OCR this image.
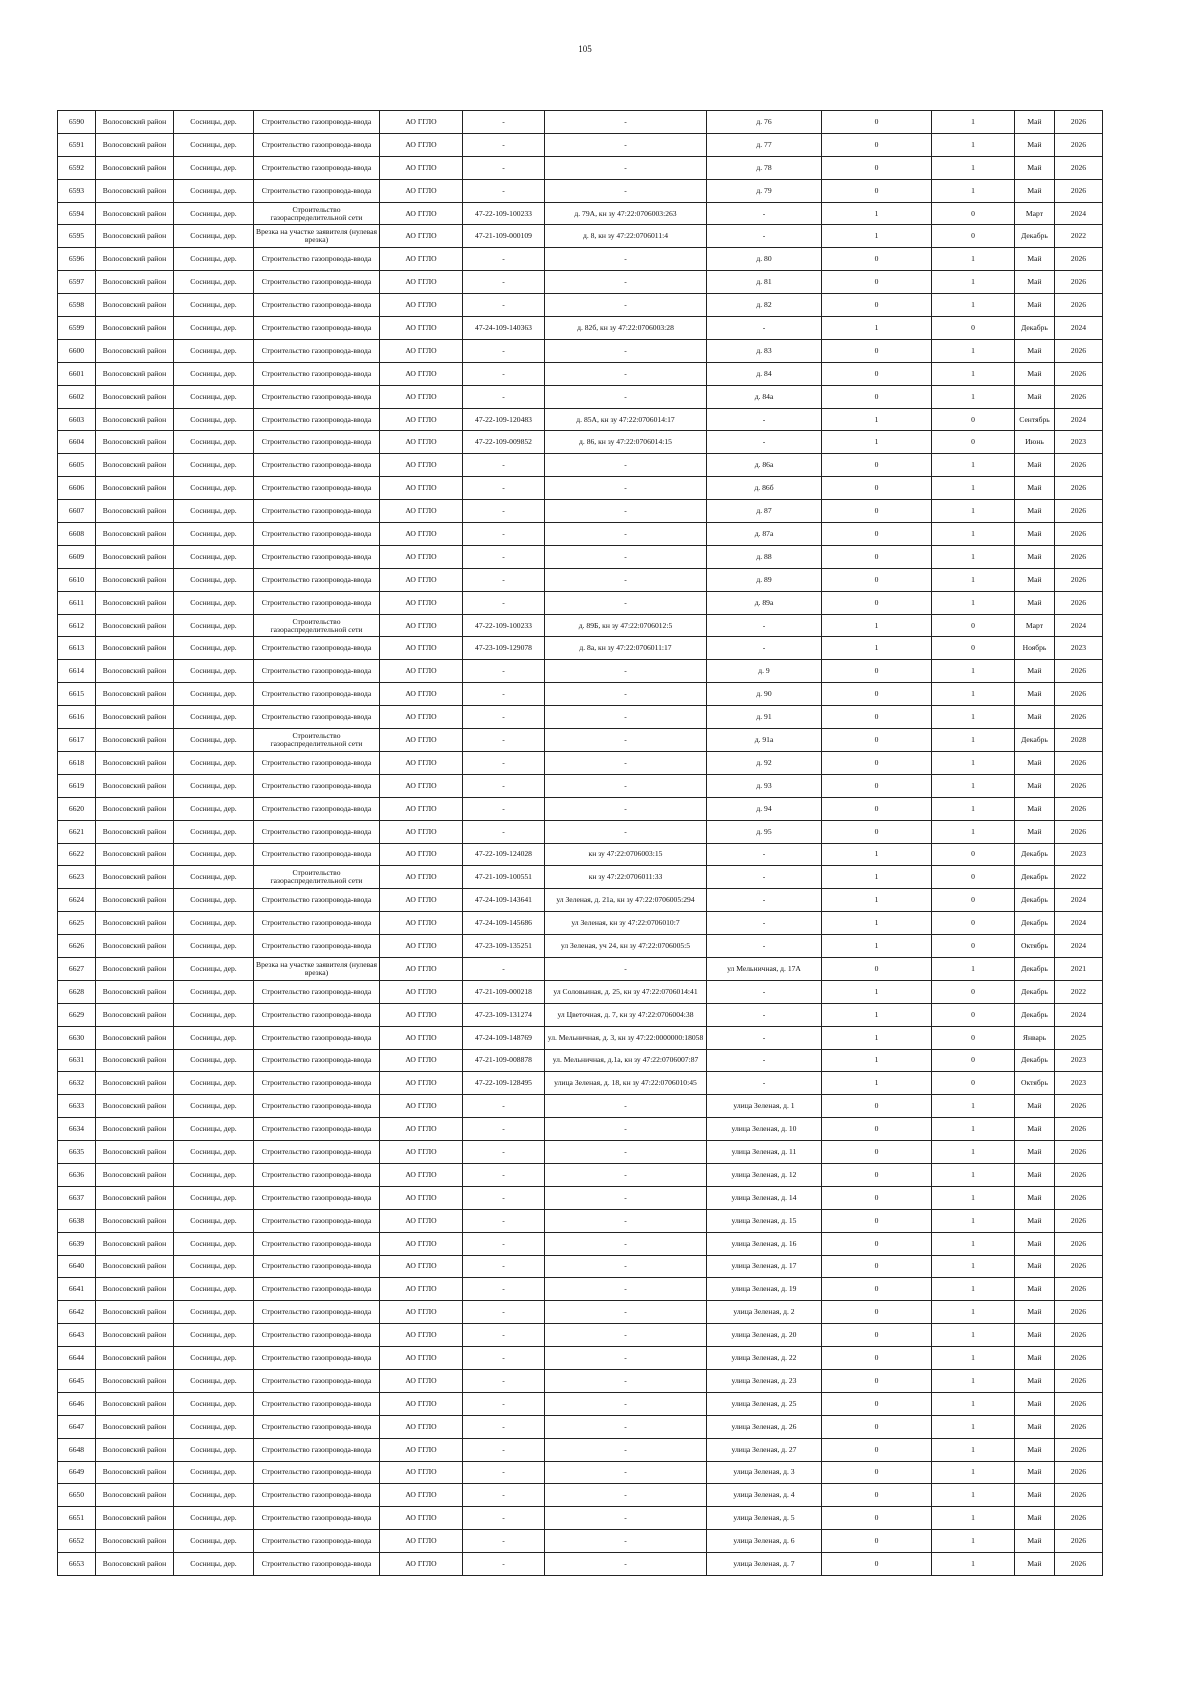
105
6590	Волосовский район	Сосницы, дер.	Строительство газопровода-ввода	АО ГГЛО	-	-	д. 76	0	1	Май	2026
6591	Волосовский район	Сосницы, дер.	Строительство газопровода-ввода	АО ГГЛО	-	-	д. 77	0	1	Май	2026
6592	Волосовский район	Сосницы, дер.	Строительство газопровода-ввода	АО ГГЛО	-	-	д. 78	0	1	Май	2026
6593	Волосовский район	Сосницы, дер.	Строительство газопровода-ввода	АО ГГЛО	-	-	д. 79	0	1	Май	2026
6594	Волосовский район	Сосницы, дер.	Строительство газораспределительной сети	АО ГГЛО	47-22-109-100233	д. 79А, кн зу 47:22:0706003:263	-	1	0	Март	2024
6595	Волосовский район	Сосницы, дер.	Врезка на участке заявителя (нулевая врезка)	АО ГГЛО	47-21-109-000109	д. 8, кн зу 47:22:0706011:4	-	1	0	Декабрь	2022
6596	Волосовский район	Сосницы, дер.	Строительство газопровода-ввода	АО ГГЛО	-	-	д. 80	0	1	Май	2026
6597	Волосовский район	Сосницы, дер.	Строительство газопровода-ввода	АО ГГЛО	-	-	д. 81	0	1	Май	2026
6598	Волосовский район	Сосницы, дер.	Строительство газопровода-ввода	АО ГГЛО	-	-	д. 82	0	1	Май	2026
6599	Волосовский район	Сосницы, дер.	Строительство газопровода-ввода	АО ГГЛО	47-24-109-140363	д. 82б, кн зу 47:22:0706003:28	-	1	0	Декабрь	2024
6600	Волосовский район	Сосницы, дер.	Строительство газопровода-ввода	АО ГГЛО	-	-	д. 83	0	1	Май	2026
6601	Волосовский район	Сосницы, дер.	Строительство газопровода-ввода	АО ГГЛО	-	-	д. 84	0	1	Май	2026
6602	Волосовский район	Сосницы, дер.	Строительство газопровода-ввода	АО ГГЛО	-	-	д. 84а	0	1	Май	2026
6603	Волосовский район	Сосницы, дер.	Строительство газопровода-ввода	АО ГГЛО	47-22-109-120483	д. 85А, кн зу 47:22:0706014:17	-	1	0	Сентябрь	2024
6604	Волосовский район	Сосницы, дер.	Строительство газопровода-ввода	АО ГГЛО	47-22-109-009852	д. 86, кн зу 47:22:0706014:15	-	1	0	Июнь	2023
6605	Волосовский район	Сосницы, дер.	Строительство газопровода-ввода	АО ГГЛО	-	-	д. 86а	0	1	Май	2026
6606	Волосовский район	Сосницы, дер.	Строительство газопровода-ввода	АО ГГЛО	-	-	д. 86б	0	1	Май	2026
6607	Волосовский район	Сосницы, дер.	Строительство газопровода-ввода	АО ГГЛО	-	-	д. 87	0	1	Май	2026
6608	Волосовский район	Сосницы, дер.	Строительство газопровода-ввода	АО ГГЛО	-	-	д. 87а	0	1	Май	2026
6609	Волосовский район	Сосницы, дер.	Строительство газопровода-ввода	АО ГГЛО	-	-	д. 88	0	1	Май	2026
6610	Волосовский район	Сосницы, дер.	Строительство газопровода-ввода	АО ГГЛО	-	-	д. 89	0	1	Май	2026
6611	Волосовский район	Сосницы, дер.	Строительство газопровода-ввода	АО ГГЛО	-	-	д. 89а	0	1	Май	2026
6612	Волосовский район	Сосницы, дер.	Строительство газораспределительной сети	АО ГГЛО	47-22-109-100233	д. 89Б, кн зу 47:22:0706012:5	-	1	0	Март	2024
6613	Волосовский район	Сосницы, дер.	Строительство газопровода-ввода	АО ГГЛО	47-23-109-129078	д. 8а, кн зу 47:22:0706011:17	-	1	0	Ноябрь	2023
6614	Волосовский район	Сосницы, дер.	Строительство газопровода-ввода	АО ГГЛО	-	-	д. 9	0	1	Май	2026
6615	Волосовский район	Сосницы, дер.	Строительство газопровода-ввода	АО ГГЛО	-	-	д. 90	0	1	Май	2026
6616	Волосовский район	Сосницы, дер.	Строительство газопровода-ввода	АО ГГЛО	-	-	д. 91	0	1	Май	2026
6617	Волосовский район	Сосницы, дер.	Строительство газораспределительной сети	АО ГГЛО	-	-	д. 91а	0	1	Декабрь	2028
6618	Волосовский район	Сосницы, дер.	Строительство газопровода-ввода	АО ГГЛО	-	-	д. 92	0	1	Май	2026
6619	Волосовский район	Сосницы, дер.	Строительство газопровода-ввода	АО ГГЛО	-	-	д. 93	0	1	Май	2026
6620	Волосовский район	Сосницы, дер.	Строительство газопровода-ввода	АО ГГЛО	-	-	д. 94	0	1	Май	2026
6621	Волосовский район	Сосницы, дер.	Строительство газопровода-ввода	АО ГГЛО	-	-	д. 95	0	1	Май	2026
6622	Волосовский район	Сосницы, дер.	Строительство газопровода-ввода	АО ГГЛО	47-22-109-124028	кн зу 47:22:0706003:15	-	1	0	Декабрь	2023
6623	Волосовский район	Сосницы, дер.	Строительство газораспределительной сети	АО ГГЛО	47-21-109-100551	кн зу 47:22:0706011:33	-	1	0	Декабрь	2022
6624	Волосовский район	Сосницы, дер.	Строительство газопровода-ввода	АО ГГЛО	47-24-109-143641	ул Зеленая, д. 21а, кн зу 47:22:0706005:294	-	1	0	Декабрь	2024
6625	Волосовский район	Сосницы, дер.	Строительство газопровода-ввода	АО ГГЛО	47-24-109-145686	ул Зеленая, кн зу 47:22:0706010:7	-	1	0	Декабрь	2024
6626	Волосовский район	Сосницы, дер.	Строительство газопровода-ввода	АО ГГЛО	47-23-109-135251	ул Зеленая, уч 24, кн зу 47:22:0706005:5	-	1	0	Октябрь	2024
6627	Волосовский район	Сосницы, дер.	Врезка на участке заявителя (нулевая врезка)	АО ГГЛО	-	-	ул Мельничная, д. 17А	0	1	Декабрь	2021
6628	Волосовский район	Сосницы, дер.	Строительство газопровода-ввода	АО ГГЛО	47-21-109-000218	ул Соловьиная, д. 25, кн зу 47:22:0706014:41	-	1	0	Декабрь	2022
6629	Волосовский район	Сосницы, дер.	Строительство газопровода-ввода	АО ГГЛО	47-23-109-131274	ул Цветочная, д. 7, кн зу 47:22:0706004:38	-	1	0	Декабрь	2024
6630	Волосовский район	Сосницы, дер.	Строительство газопровода-ввода	АО ГГЛО	47-24-109-148769	ул. Мельничная, д. 3, кн зу 47:22:0000000:18058	-	1	0	Январь	2025
6631	Волосовский район	Сосницы, дер.	Строительство газопровода-ввода	АО ГГЛО	47-21-109-008878	ул. Мельничная, д.1а, кн зу 47:22:0706007:87	-	1	0	Декабрь	2023
6632	Волосовский район	Сосницы, дер.	Строительство газопровода-ввода	АО ГГЛО	47-22-109-128495	улица Зеленая, д. 18, кн зу 47:22:0706010:45	-	1	0	Октябрь	2023
6633	Волосовский район	Сосницы, дер.	Строительство газопровода-ввода	АО ГГЛО	-	-	улица Зеленая, д. 1	0	1	Май	2026
6634	Волосовский район	Сосницы, дер.	Строительство газопровода-ввода	АО ГГЛО	-	-	улица Зеленая, д. 10	0	1	Май	2026
6635	Волосовский район	Сосницы, дер.	Строительство газопровода-ввода	АО ГГЛО	-	-	улица Зеленая, д. 11	0	1	Май	2026
6636	Волосовский район	Сосницы, дер.	Строительство газопровода-ввода	АО ГГЛО	-	-	улица Зеленая, д. 12	0	1	Май	2026
6637	Волосовский район	Сосницы, дер.	Строительство газопровода-ввода	АО ГГЛО	-	-	улица Зеленая, д. 14	0	1	Май	2026
6638	Волосовский район	Сосницы, дер.	Строительство газопровода-ввода	АО ГГЛО	-	-	улица Зеленая, д. 15	0	1	Май	2026
6639	Волосовский район	Сосницы, дер.	Строительство газопровода-ввода	АО ГГЛО	-	-	улица Зеленая, д. 16	0	1	Май	2026
6640	Волосовский район	Сосницы, дер.	Строительство газопровода-ввода	АО ГГЛО	-	-	улица Зеленая, д. 17	0	1	Май	2026
6641	Волосовский район	Сосницы, дер.	Строительство газопровода-ввода	АО ГГЛО	-	-	улица Зеленая, д. 19	0	1	Май	2026
6642	Волосовский район	Сосницы, дер.	Строительство газопровода-ввода	АО ГГЛО	-	-	улица Зеленая, д. 2	0	1	Май	2026
6643	Волосовский район	Сосницы, дер.	Строительство газопровода-ввода	АО ГГЛО	-	-	улица Зеленая, д. 20	0	1	Май	2026
6644	Волосовский район	Сосницы, дер.	Строительство газопровода-ввода	АО ГГЛО	-	-	улица Зеленая, д. 22	0	1	Май	2026
6645	Волосовский район	Сосницы, дер.	Строительство газопровода-ввода	АО ГГЛО	-	-	улица Зеленая, д. 23	0	1	Май	2026
6646	Волосовский район	Сосницы, дер.	Строительство газопровода-ввода	АО ГГЛО	-	-	улица Зеленая, д. 25	0	1	Май	2026
6647	Волосовский район	Сосницы, дер.	Строительство газопровода-ввода	АО ГГЛО	-	-	улица Зеленая, д. 26	0	1	Май	2026
6648	Волосовский район	Сосницы, дер.	Строительство газопровода-ввода	АО ГГЛО	-	-	улица Зеленая, д. 27	0	1	Май	2026
6649	Волосовский район	Сосницы, дер.	Строительство газопровода-ввода	АО ГГЛО	-	-	улица Зеленая, д. 3	0	1	Май	2026
6650	Волосовский район	Сосницы, дер.	Строительство газопровода-ввода	АО ГГЛО	-	-	улица Зеленая, д. 4	0	1	Май	2026
6651	Волосовский район	Сосницы, дер.	Строительство газопровода-ввода	АО ГГЛО	-	-	улица Зеленая, д. 5	0	1	Май	2026
6652	Волосовский район	Сосницы, дер.	Строительство газопровода-ввода	АО ГГЛО	-	-	улица Зеленая, д. 6	0	1	Май	2026
6653	Волосовский район	Сосницы, дер.	Строительство газопровода-ввода	АО ГГЛО	-	-	улица Зеленая, д. 7	0	1	Май	2026
